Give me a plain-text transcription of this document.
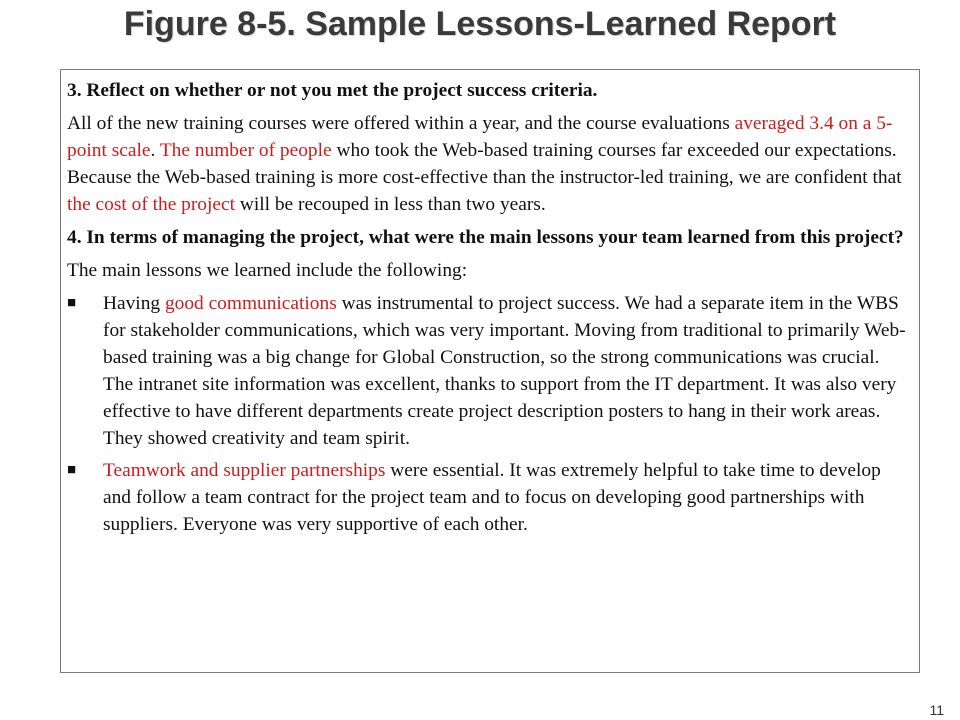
Figure 8-5. Sample Lessons-Learned Report

3. Reflect on whether or not you met the project success criteria.

All of the new training courses were offered within a year, and the course evaluations averaged 3.4 on a 5-point scale. The number of people who took the Web-based training courses far exceeded our expectations. Because the Web-based training is more cost-effective than the instructor-led training, we are confident that the cost of the project will be recouped in less than two years.

4. In terms of managing the project, what were the main lessons your team learned from this project?

The main lessons we learned include the following:

■	Having good communications was instrumental to project success. We had a separate item in the WBS for stakeholder communications, which was very important. Moving from traditional to primarily Web-based training was a big change for Global Construction, so the strong communications was crucial. The intranet site information was excellent, thanks to support from the IT department. It was also very effective to have different departments create project description posters to hang in their work areas. They showed creativity and team spirit.
■	Teamwork and supplier partnerships were essential. It was extremely helpful to take time to develop and follow a team contract for the project team and to focus on developing good partnerships with suppliers. Everyone was very supportive of each other.
11
